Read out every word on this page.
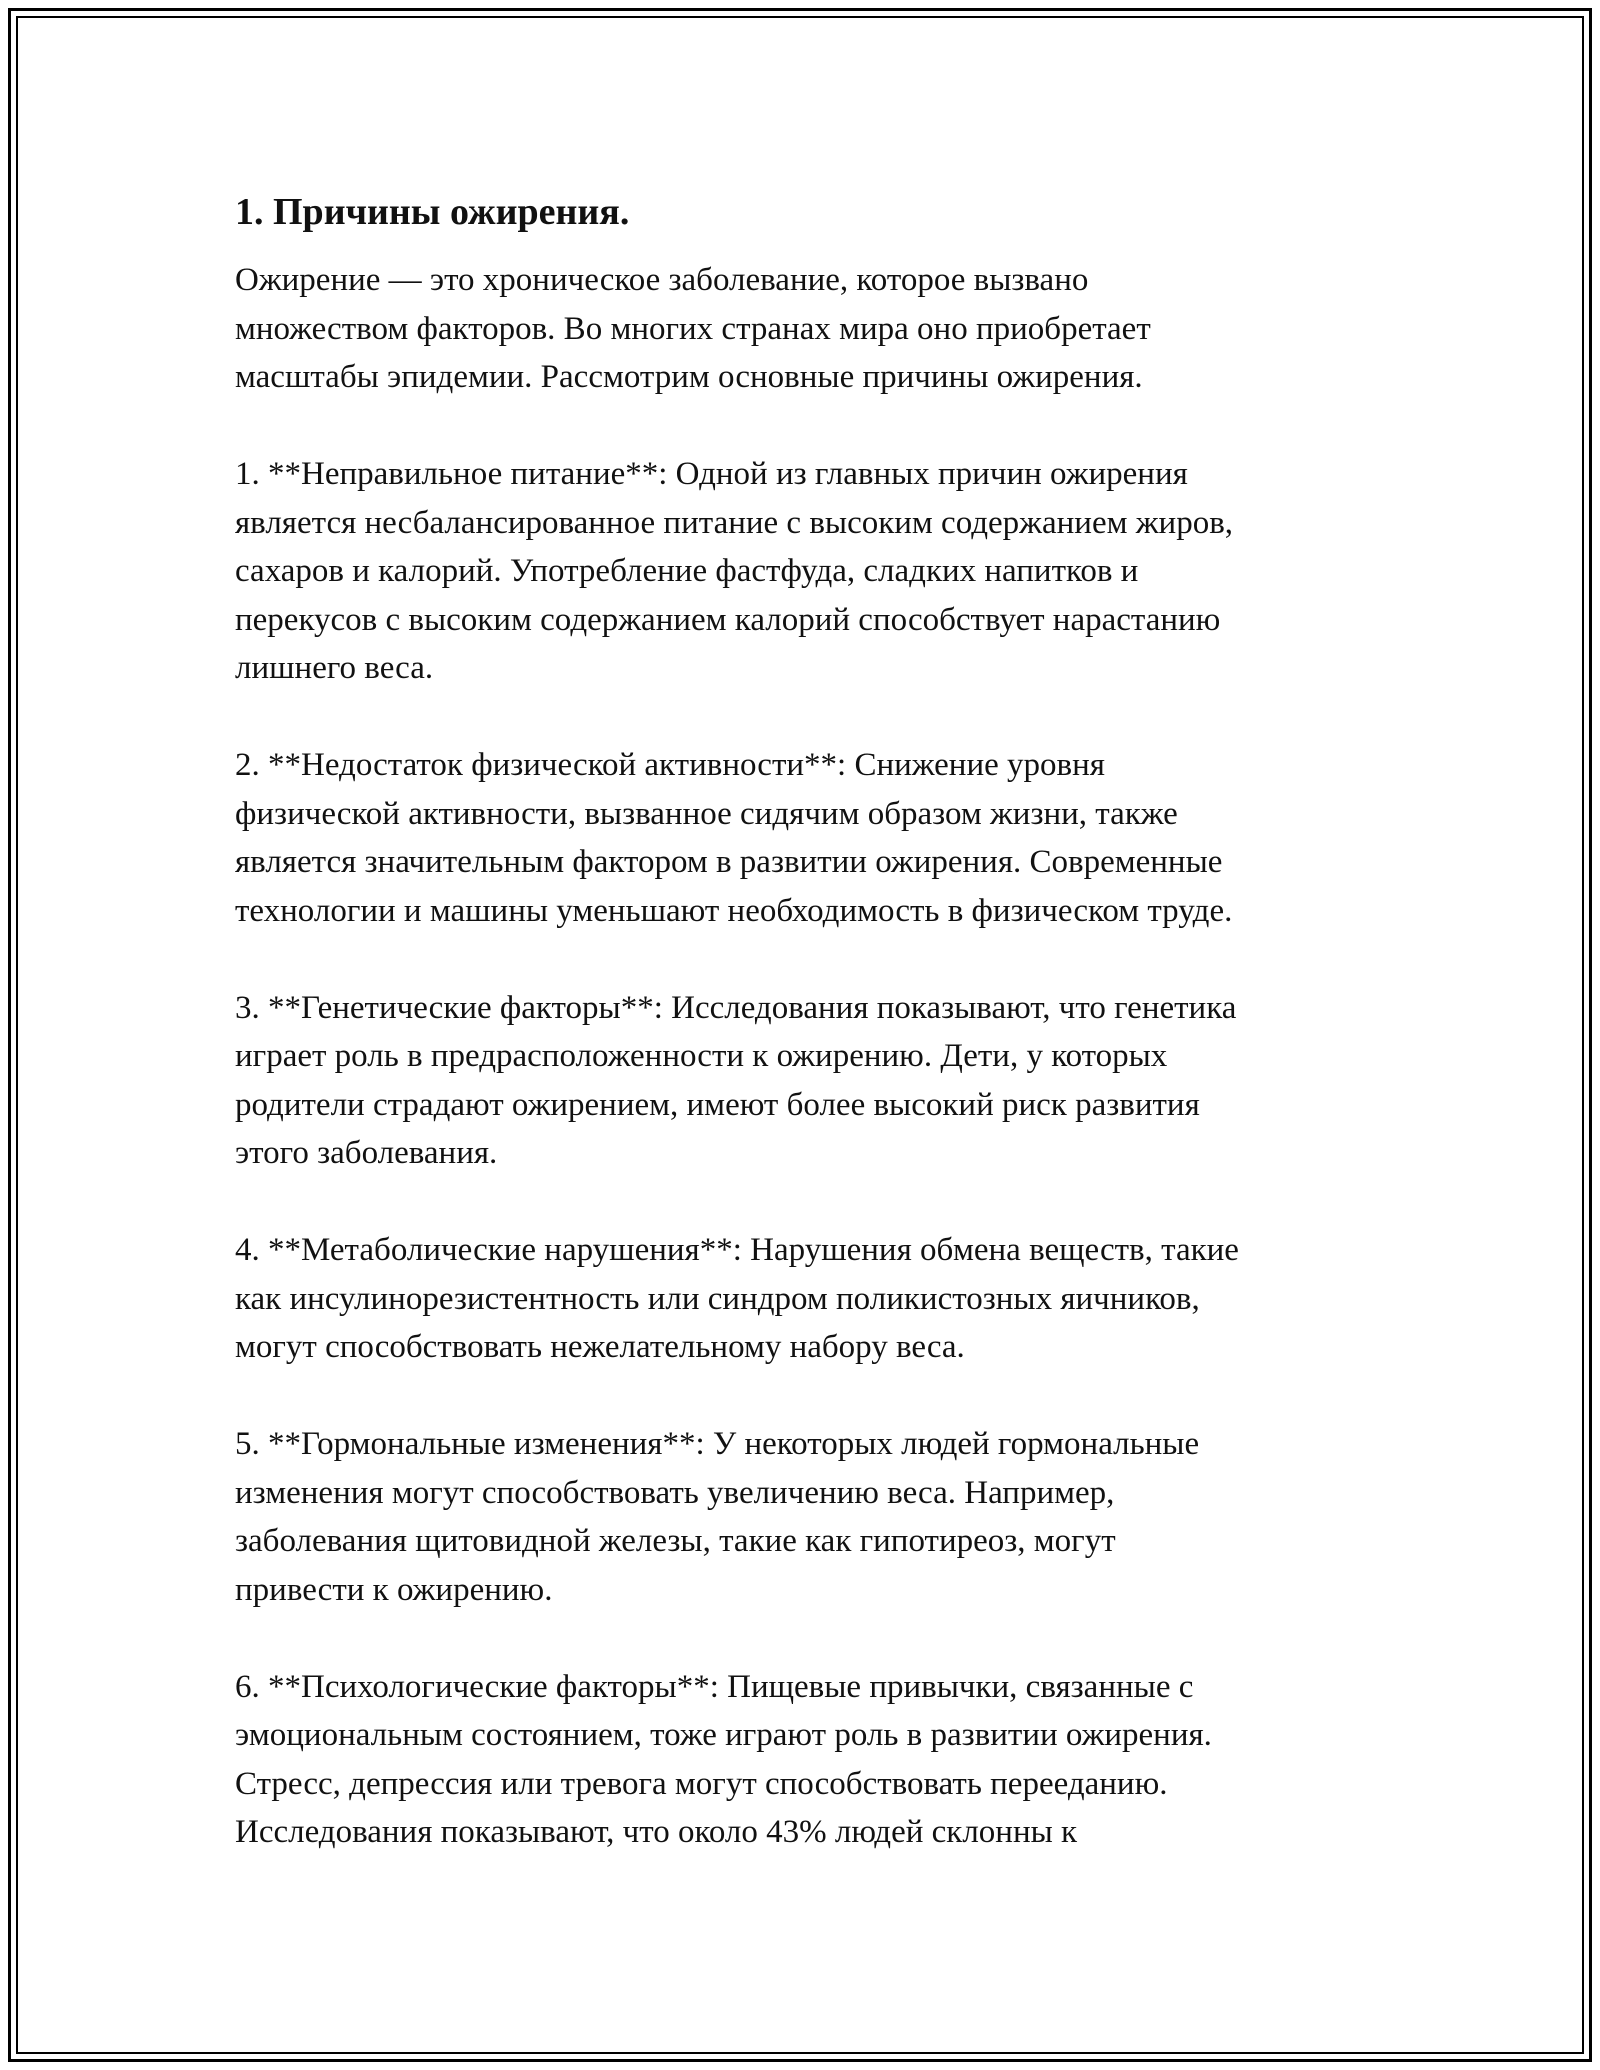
1. Причины ожирения.
Ожирение — это хроническое заболевание, которое вызвано
множеством факторов. Во многих странах мира оно приобретает
масштабы эпидемии. Рассмотрим основные причины ожирения.
1. **Неправильное питание**: Одной из главных причин ожирения
является несбалансированное питание с высоким содержанием жиров,
сахаров и калорий. Употребление фастфуда, сладких напитков и
перекусов с высоким содержанием калорий способствует нарастанию
лишнего веса.
2. **Недостаток физической активности**: Снижение уровня
физической активности, вызванное сидячим образом жизни, также
является значительным фактором в развитии ожирения. Современные
технологии и машины уменьшают необходимость в физическом труде.
3. **Генетические факторы**: Исследования показывают, что генетика
играет роль в предрасположенности к ожирению. Дети, у которых
родители страдают ожирением, имеют более высокий риск развития
этого заболевания.
4. **Метаболические нарушения**: Нарушения обмена веществ, такие
как инсулинорезистентность или синдром поликистозных яичников,
могут способствовать нежелательному набору веса.
5. **Гормональные изменения**: У некоторых людей гормональные
изменения могут способствовать увеличению веса. Например,
заболевания щитовидной железы, такие как гипотиреоз, могут
привести к ожирению.
6. **Психологические факторы**: Пищевые привычки, связанные с
эмоциональным состоянием, тоже играют роль в развитии ожирения.
Стресс, депрессия или тревога могут способствовать перееданию.
Исследования показывают, что около 43% людей склонны к
